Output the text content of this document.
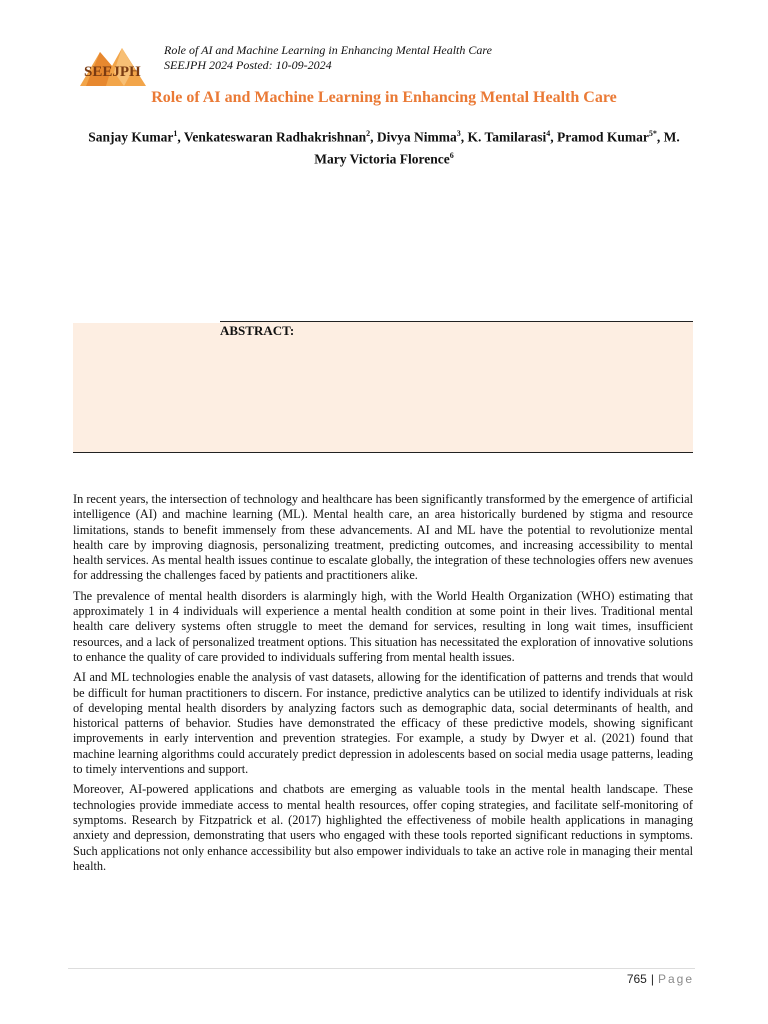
SEEJPH
Role of AI and Machine Learning in Enhancing Mental Health Care
SEEJPH 2024 Posted: 10-09-2024
Role of AI and Machine Learning in Enhancing Mental Health Care
Sanjay Kumar$^1$, Venkateswaran Radhakrishnan$^2$, Divya Nimma$^3$, K. Tamilarasi$^4$, Pramod Kumar$^{5*}$, M. Mary Victoria Florence$^6$
ABSTRACT:

In recent years, the intersection of technology and healthcare has been significantly transformed by the emergence of artificial intelligence (AI) and machine learning (ML). Mental health care, an area historically burdened by stigma and resource limitations, stands to benefit immensely from these advancements. AI and ML have the potential to revolutionize mental health care by improving diagnosis, personalizing treatment, predicting outcomes, and increasing accessibility to mental health services. As mental health issues continue to escalate globally, the integration of these technologies offers new avenues for addressing the challenges faced by patients and practitioners alike.

The prevalence of mental health disorders is alarmingly high, with the World Health Organization (WHO) estimating that approximately 1 in 4 individuals will experience a mental health condition at some point in their lives. Traditional mental health care delivery systems often struggle to meet the demand for services, resulting in long wait times, insufficient resources, and a lack of personalized treatment options. This situation has necessitated the exploration of innovative solutions to enhance the quality of care provided to individuals suffering from mental health issues.

AI and ML technologies enable the analysis of vast datasets, allowing for the identification of patterns and trends that would be difficult for human practitioners to discern. For instance, predictive analytics can be utilized to identify individuals at risk of developing mental health disorders by analyzing factors such as demographic data, social determinants of health, and historical patterns of behavior. Studies have demonstrated the efficacy of these predictive models, showing significant improvements in early intervention and prevention strategies. For example, a study by Dwyer et al. (2021) found that machine learning algorithms could accurately predict depression in adolescents based on social media usage patterns, leading to timely interventions and support.

Moreover, AI-powered applications and chatbots are emerging as valuable tools in the mental health landscape. These technologies provide immediate access to mental health resources, offer coping strategies, and facilitate self-monitoring of symptoms. Research by Fitzpatrick et al. (2017) highlighted the effectiveness of mobile health applications in managing anxiety and depression, demonstrating that users who engaged with these tools reported significant reductions in symptoms. Such applications not only enhance accessibility but also empower individuals to take an active role in managing their mental health.

765 | Page
